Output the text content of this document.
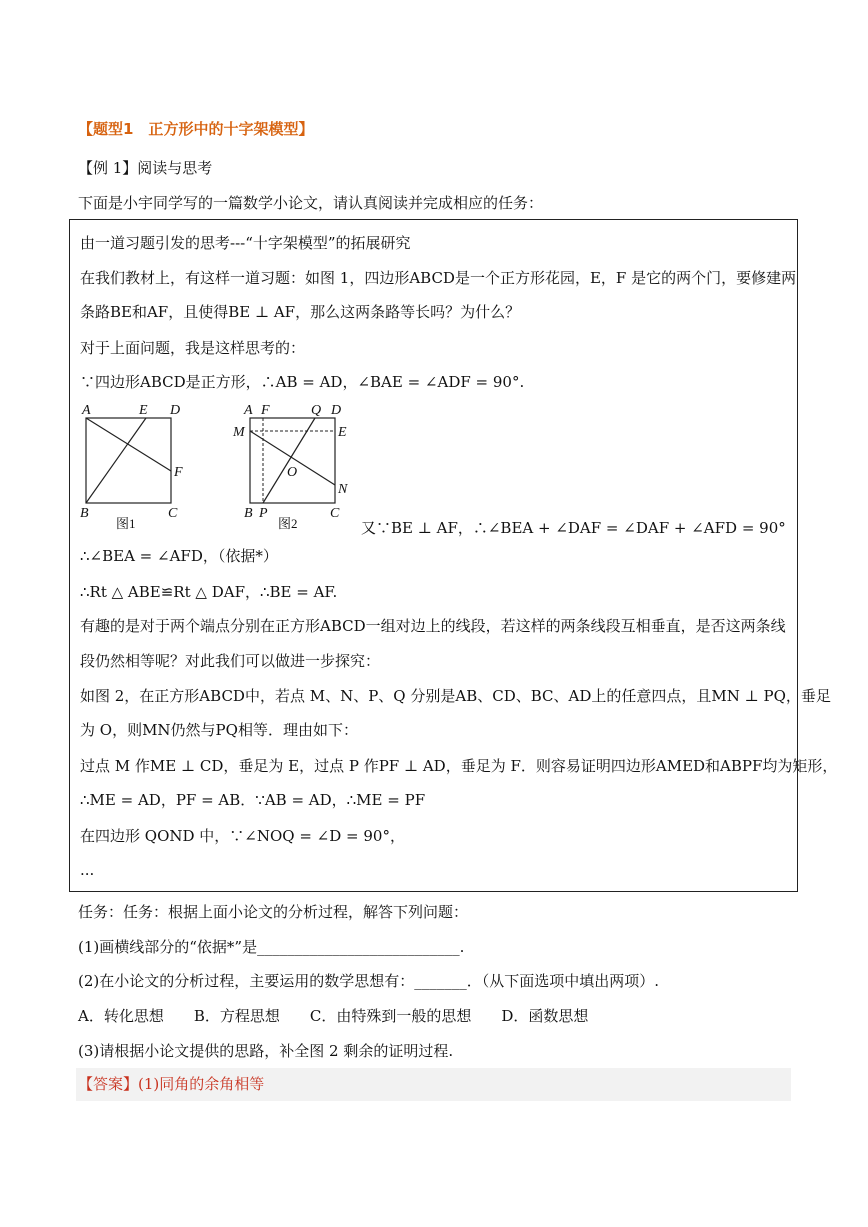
【题型1　正方形中的十字架模型】
【例 1】阅读与思考
下面是小宇同学写的一篇数学小论文，请认真阅读并完成相应的任务：
由一道习题引发的思考---“十字架模型”的拓展研究
在我们教材上，有这样一道习题：如图 1，四边形ABCD是一个正方形花园，E，F 是它的两个门，要修建两
条路BE和AF，且使得BE ⊥ AF，那么这两条路等长吗？为什么？
对于上面问题，我是这样思考的：
∵四边形ABCD是正方形，∴AB = AD，∠BAE = ∠ADF = 90°.
A	E D
F
B	C
图1
A F	Q D
M	E
O
N
B P	C
图2	又∵BE ⊥ AF，∴∠BEA + ∠DAF = ∠DAF + ∠AFD = 90°
∴∠BEA = ∠AFD，（依据*）
∴Rt △ ABE≌Rt △ DAF，∴BE = AF.
有趣的是对于两个端点分别在正方形ABCD一组对边上的线段，若这样的两条线段互相垂直，是否这两条线
段仍然相等呢？对此我们可以做进一步探究：
如图 2，在正方形ABCD中，若点 M、N、P、Q 分别是AB、CD、BC、AD上的任意四点，且MN ⊥ PQ，垂足
为 O，则MN仍然与PQ相等．理由如下：
过点 M 作ME ⊥ CD，垂足为 E，过点 P 作PF ⊥ AD，垂足为 F．则容易证明四边形AMED和ABPF均为矩形，
∴ME = AD，PF = AB．∵AB = AD，∴ME = PF
在四边形 QOND 中，∵∠NOQ = ∠D = 90°，
...
任务：任务：根据上面小论文的分析过程，解答下列问题：
(1)画横线部分的“依据*”是___________________________.
(2)在小论文的分析过程，主要运用的数学思想有：_______．（从下面选项中填出两项）.
A．转化思想　　B．方程思想　　C．由特殊到一般的思想　　D．函数思想
(3)请根据小论文提供的思路，补全图 2 剩余的证明过程.
【答案】(1)同角的余角相等
